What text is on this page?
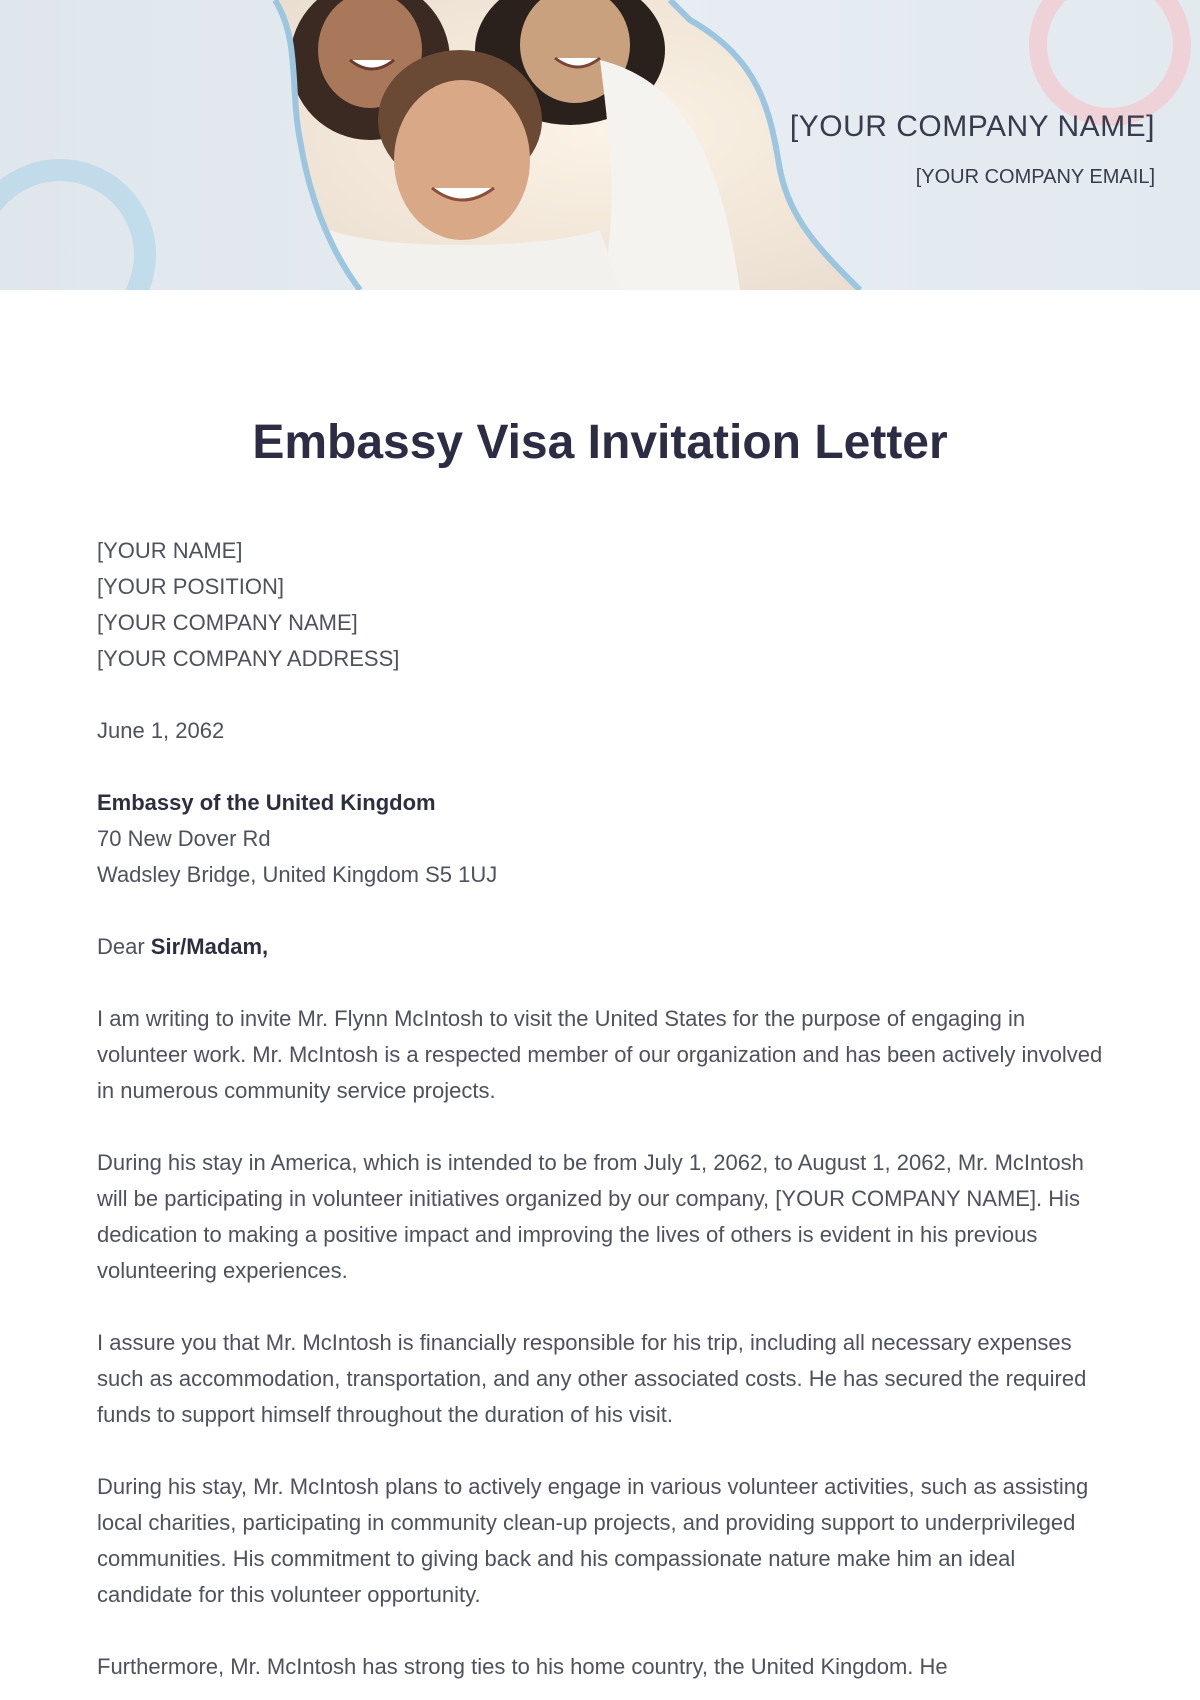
[YOUR COMPANY NAME]
[YOUR COMPANY EMAIL]
Embassy Visa Invitation Letter

[YOUR NAME]
[YOUR POSITION]
[YOUR COMPANY NAME]
[YOUR COMPANY ADDRESS]

June 1, 2062

Embassy of the United Kingdom
70 New Dover Rd
Wadsley Bridge, United Kingdom S5 1UJ

Dear Sir/Madam,

I am writing to invite Mr. Flynn McIntosh to visit the United States for the purpose of engaging in volunteer work. Mr. McIntosh is a respected member of our organization and has been actively involved in numerous community service projects.

During his stay in America, which is intended to be from July 1, 2062, to August 1, 2062, Mr. McIntosh will be participating in volunteer initiatives organized by our company, [YOUR COMPANY NAME]. His dedication to making a positive impact and improving the lives of others is evident in his previous volunteering experiences.

I assure you that Mr. McIntosh is financially responsible for his trip, including all necessary expenses such as accommodation, transportation, and any other associated costs. He has secured the required funds to support himself throughout the duration of his visit.

During his stay, Mr. McIntosh plans to actively engage in various volunteer activities, such as assisting local charities, participating in community clean-up projects, and providing support to underprivileged communities. His commitment to giving back and his compassionate nature make him an ideal candidate for this volunteer opportunity.

Furthermore, Mr. McIntosh has strong ties to his home country, the United Kingdom. He
